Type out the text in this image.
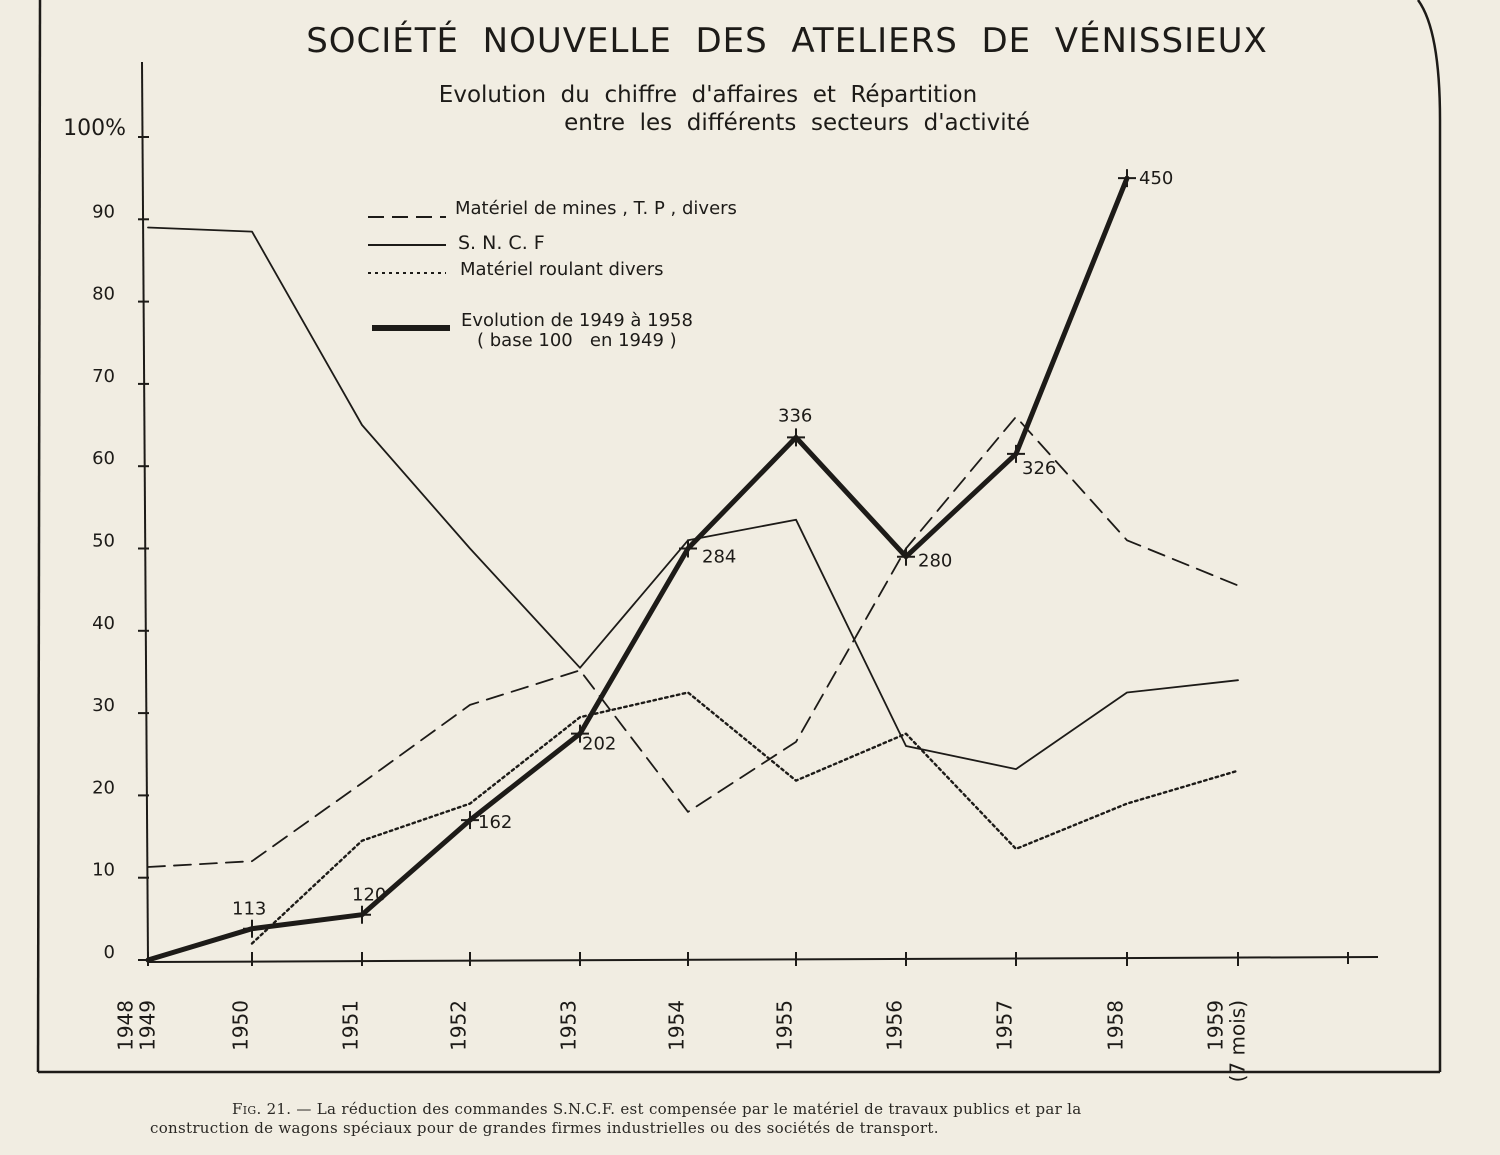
SOCIÉTÉ  NOUVELLE  DES  ATELIERS  DE  VÉNISSIEUX
Evolution  du  chiffre  d'affaires  et  Répartition
entre  les  différents  secteurs  d'activité
0
10
20
30
40
50
60
70
80
90
100%
1948
1949	1950	1951	1952	1953	1954	1955	1956	1957	1958	1959
(7 mois)
113
120
162
202
284
336
280
326
450
Matériel de mines , T. P , divers
S. N. C. F
Matériel roulant divers
Evolution de 1949 à 1958
( base 100   en 1949 )
Fig. 21. — La réduction des commandes S.N.C.F. est compensée par le matériel de travaux publics et par la
construction de wagons spéciaux pour de grandes firmes industrielles ou des sociétés de transport.
